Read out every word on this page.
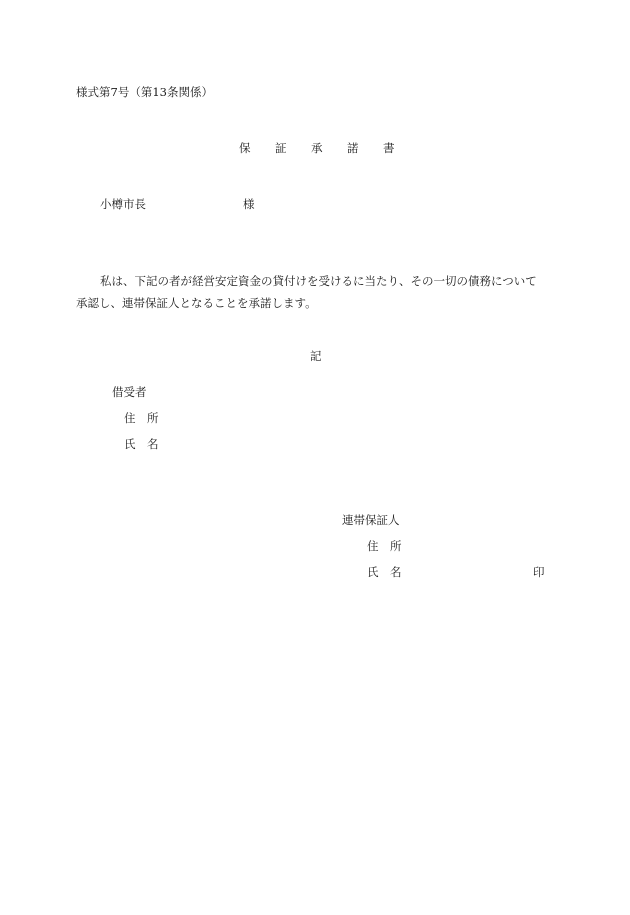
様式第7号（第13条関係）
保 証 承 諾 書
小樽市長	様
私は、下記の者が経営安定資金の貸付けを受けるに当たり、その一切の債務について
承認し、連帯保証人となることを承諾します。
記
借受者
住　所
氏　名
連帯保証人
住　所
氏　名	印
